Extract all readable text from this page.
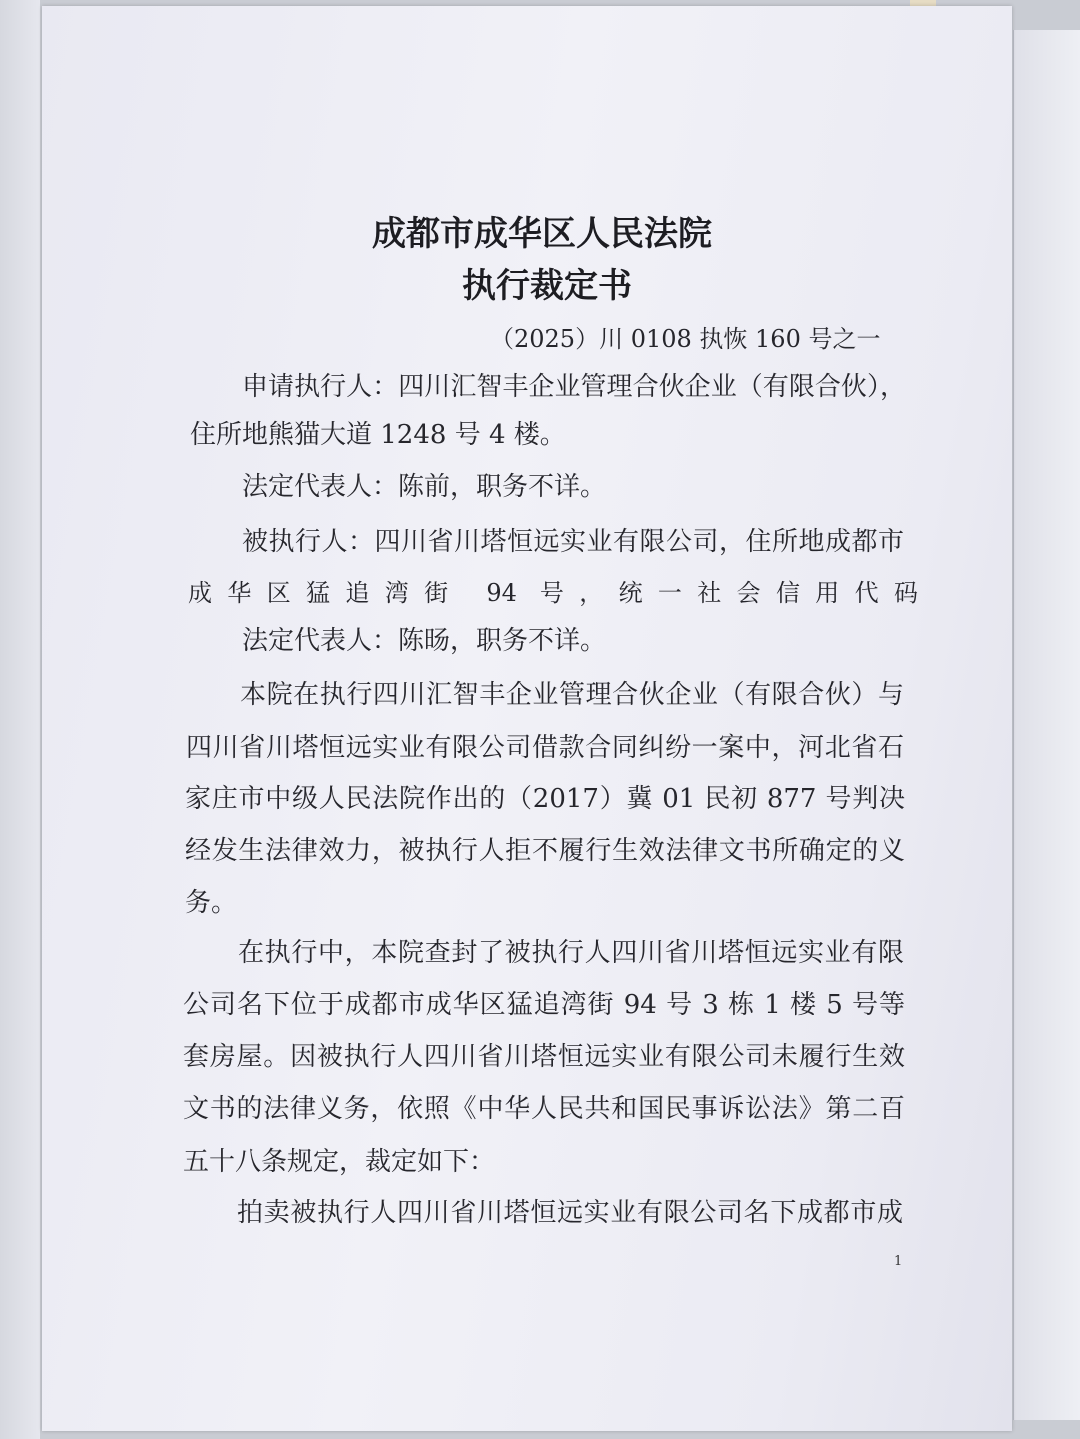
成都市成华区人民法院
执行裁定书
（2025）川 0108 执恢 160 号之一
申请执行人：四川汇智丰企业管理合伙企业（有限合伙），
住所地熊猫大道 1248 号 4 楼。
法定代表人：陈前，职务不详。
被执行人：四川省川塔恒远实业有限公司，住所地成都市
成华区猛追湾街 94 号，统一社会信用代码
法定代表人：陈旸，职务不详。
本院在执行四川汇智丰企业管理合伙企业（有限合伙）与
四川省川塔恒远实业有限公司借款合同纠纷一案中，河北省石
家庄市中级人民法院作出的（2017）冀 01 民初 877 号判决
经发生法律效力，被执行人拒不履行生效法律文书所确定的义
务。
在执行中，本院查封了被执行人四川省川塔恒远实业有限
公司名下位于成都市成华区猛追湾街 94 号 3 栋 1 楼 5 号等
套房屋。因被执行人四川省川塔恒远实业有限公司未履行生效
文书的法律义务，依照《中华人民共和国民事诉讼法》第二百
五十八条规定，裁定如下：
拍卖被执行人四川省川塔恒远实业有限公司名下成都市成
1
